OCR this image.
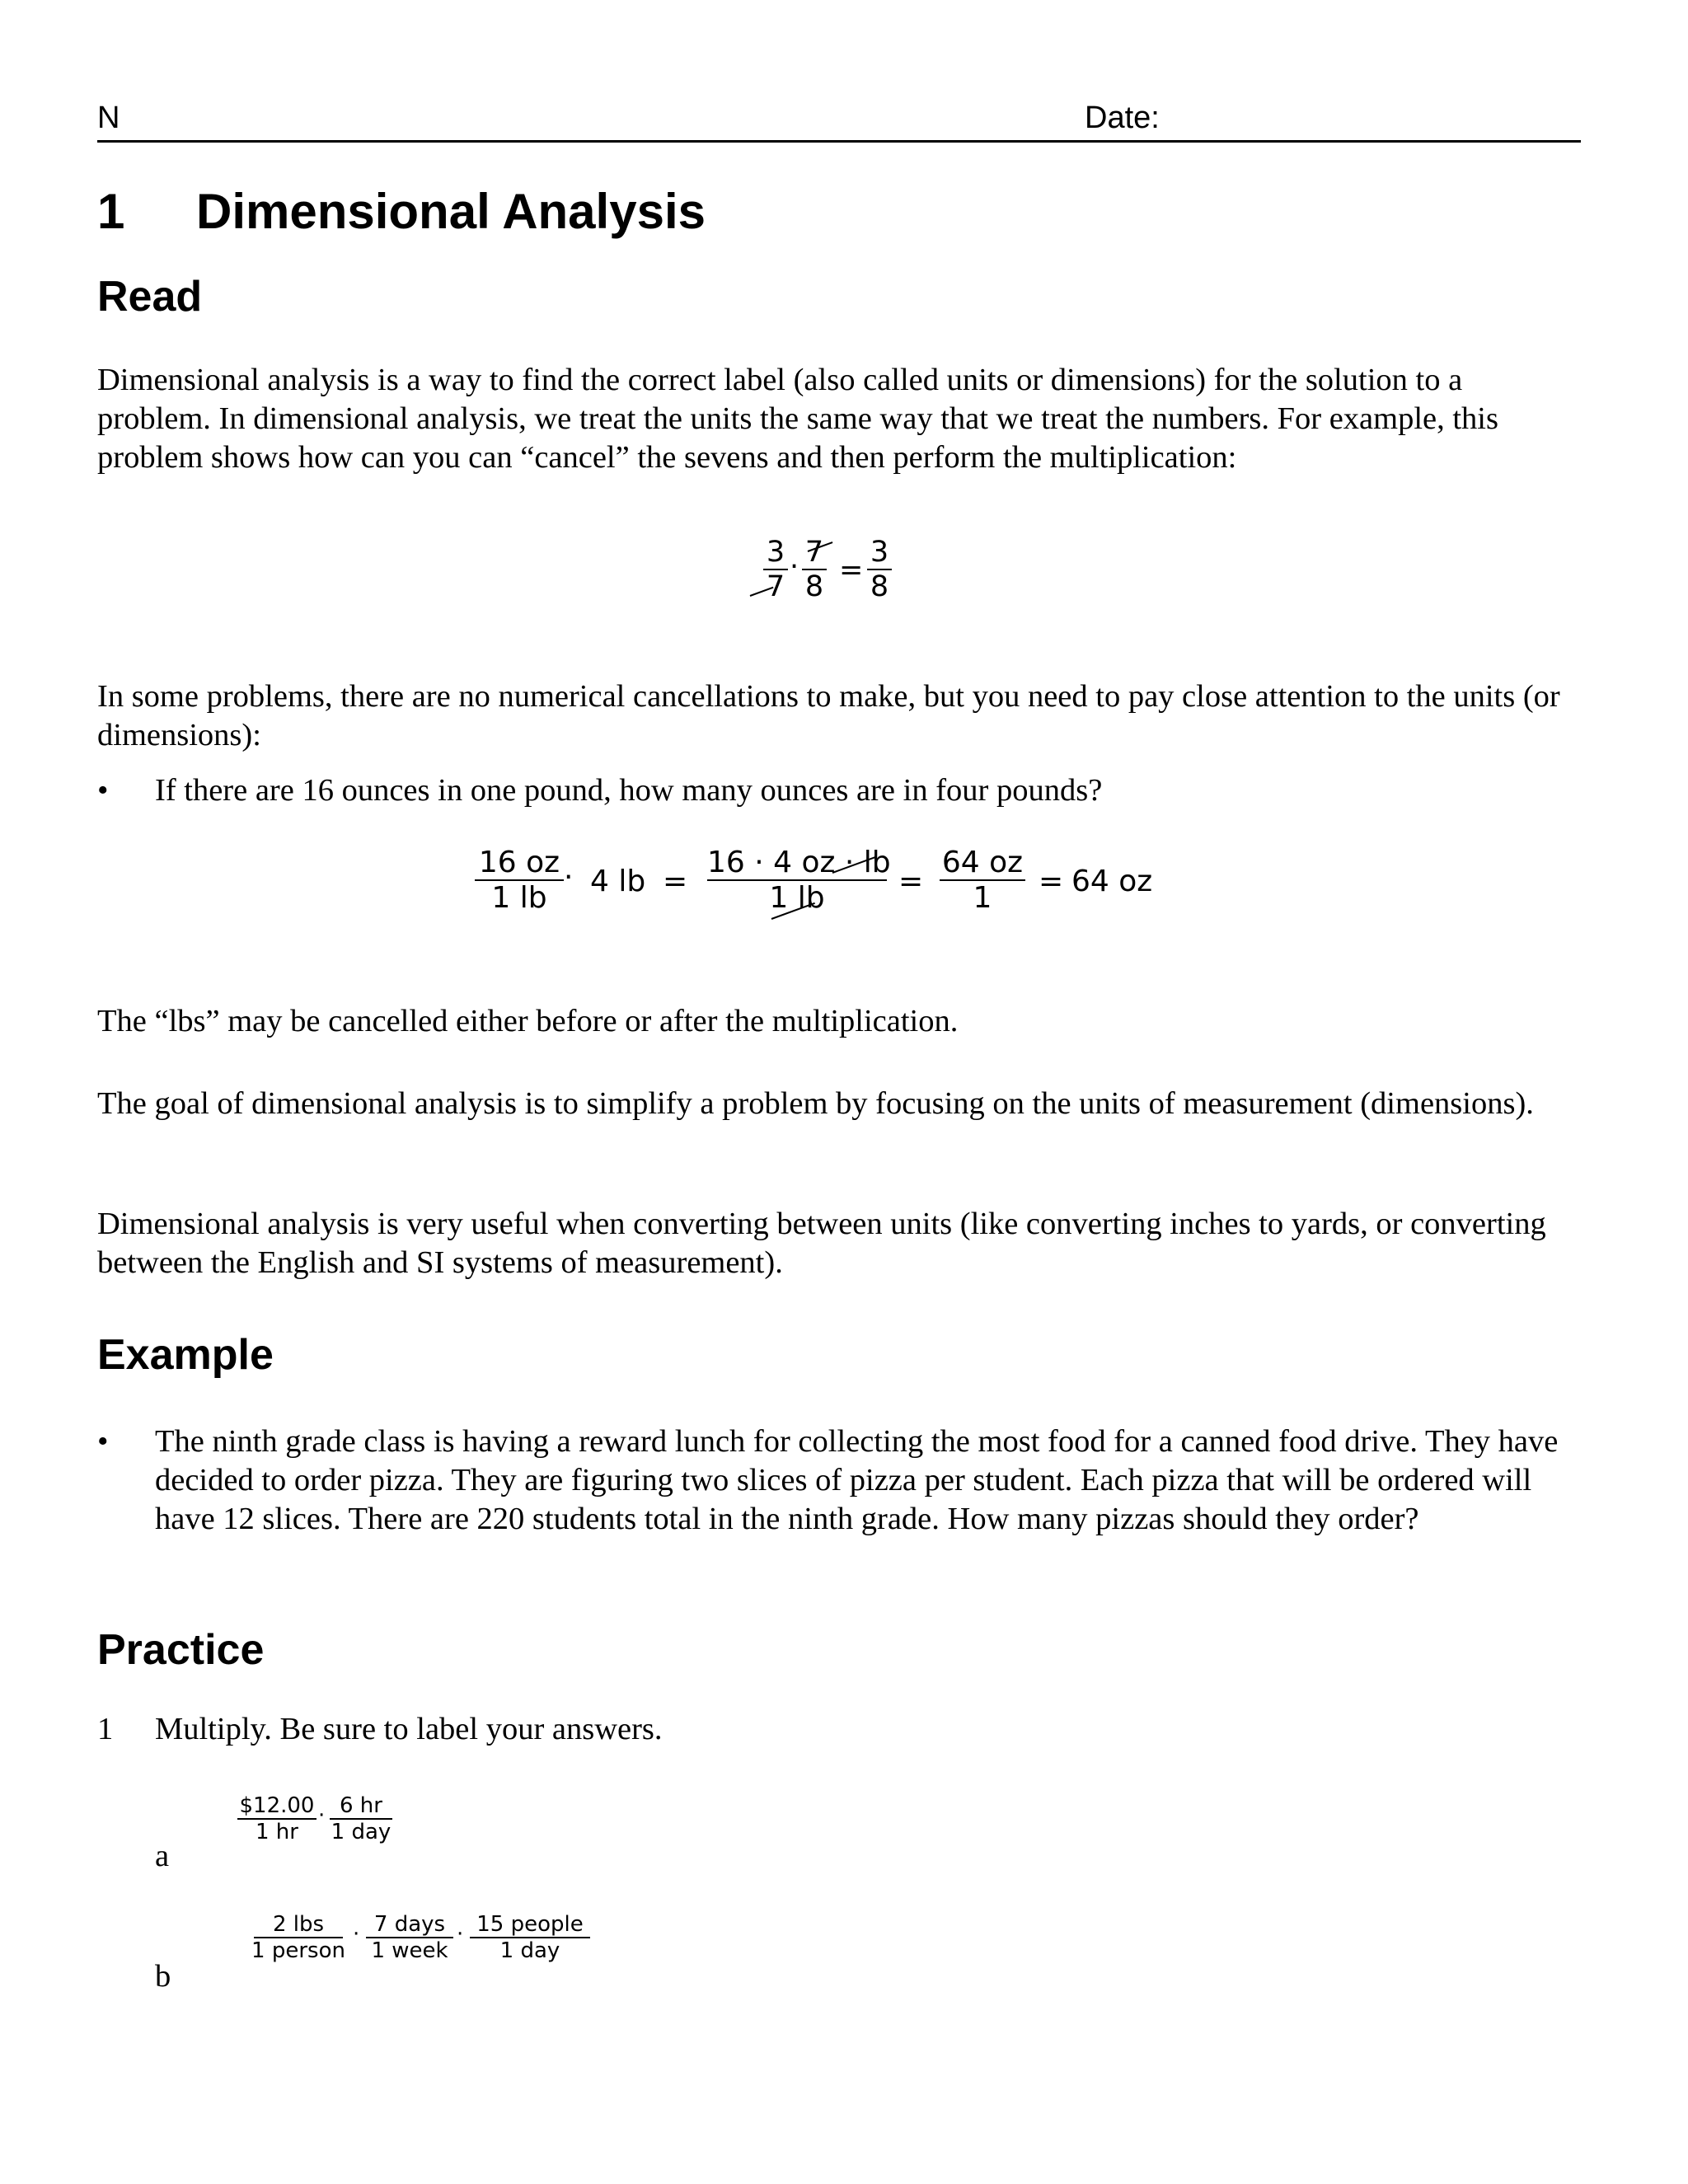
N	Date:
1 Dimensional Analysis
Read
Dimensional analysis is a way to find the correct label (also called units or dimensions) for the solution to a problem. In dimensional analysis, we treat the units the same way that we treat the numbers. For example, this problem shows how can you can “cancel” the sevens and then perform the multiplication:
3
7
· 7
8 =
3
8
In some problems, there are no numerical cancellations to make, but you need to pay close attention to the units (or dimensions):
• If there are 16 ounces in one pound, how many ounces are in four pounds?
16 oz
1 lb
· 4 lb =
16 · 4 oz · lb
1 lb	=
64 oz
1	= 64 oz
The “lbs” may be cancelled either before or after the multiplication.
The goal of dimensional analysis is to simplify a problem by focusing on the units of measurement (dimensions).
Dimensional analysis is very useful when converting between units (like converting inches to yards, or converting between the English and SI systems of measurement).
Example
• The ninth grade class is having a reward lunch for collecting the most food for a canned food drive. They have decided to order pizza. They are figuring two slices of pizza per student. Each pizza that will be ordered will have 12 slices. There are 220 students total in the ninth grade. How many pizzas should they order?
Practice
1 Multiply. Be sure to label your answers.
a
$12.00
1 hr
· 6 hr
1 day
b
2 lbs
1 person
· 7 days
1 week
· 15 people
1 day
